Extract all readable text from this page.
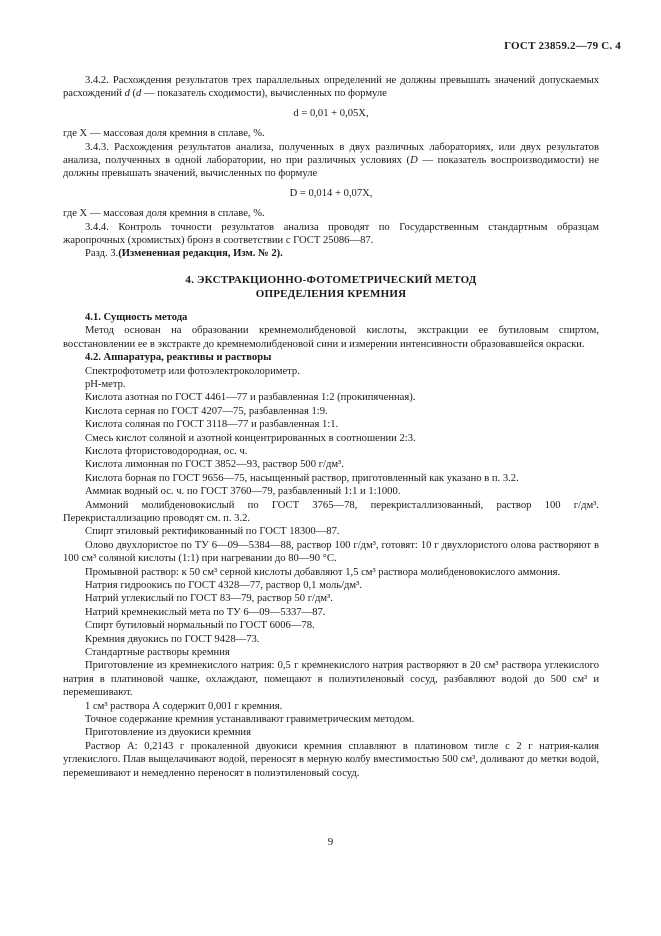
ГОСТ 23859.2—79 С. 4

3.4.2. Расхождения результатов трех параллельных определений не должны превышать значений допускаемых расхождений d (d — показатель сходимости), вычисленных по формуле

d = 0,01 + 0,05X,

где X — массовая доля кремния в сплаве, %.

3.4.3. Расхождения результатов анализа, полученных в двух различных лабораториях, или двух результатов анализа, полученных в одной лаборатории, но при различных условиях (D — показатель воспроизводимости) не должны превышать значений, вычисленных по формуле

D = 0,014 + 0,07X,

где X — массовая доля кремния в сплаве, %.

3.4.4. Контроль точности результатов анализа проводят по Государственным стандартным образцам жаропрочных (хромистых) бронз в соответствии с ГОСТ 25086—87.

Разд. 3.(Измененная редакция, Изм. № 2).

4. ЭКСТРАКЦИОННО-ФОТОМЕТРИЧЕСКИЙ МЕТОД
ОПРЕДЕЛЕНИЯ КРЕМНИЯ

4.1. Сущность метода

Метод основан на образовании кремнемолибденовой кислоты, экстракции ее бутиловым спиртом, восстановлении ее в экстракте до кремнемолибденовой сини и измерении интенсивности образовавшейся окраски.

4.2. Аппаратура, реактивы и растворы

Спектрофотометр или фотоэлектроколориметр.

pH-метр.

Кислота азотная по ГОСТ 4461—77 и разбавленная 1:2 (прокипяченная).

Кислота серная по ГОСТ 4207—75, разбавленная 1:9.

Кислота соляная по ГОСТ 3118—77 и разбавленная 1:1.

Смесь кислот соляной и азотной концентрированных в соотношении 2:3.

Кислота фтористоводородная, ос. ч.

Кислота лимонная по ГОСТ 3852—93, раствор 500 г/дм³.

Кислота борная по ГОСТ 9656—75, насыщенный раствор, приготовленный как указано в п. 3.2.

Аммиак водный ос. ч. по ГОСТ 3760—79, разбавленный 1:1 и 1:1000.

Аммоний молибденовокислый по ГОСТ 3765—78, перекристаллизованный, раствор 100 г/дм³. Перекристаллизацию проводят см. п. 3.2.

Спирт этиловый ректификованный по ГОСТ 18300—87.

Олово двухлористое по ТУ 6—09—5384—88, раствор 100 г/дм³, готовят: 10 г двухлористого олова растворяют в 100 см³ соляной кислоты (1:1) при нагревании до 80—90 °С.

Промывной раствор: к 50 см³ серной кислоты добавляют 1,5 см³ раствора молибденовокислого аммония.

Натрия гидроокись по ГОСТ 4328—77, раствор 0,1 моль/дм³.

Натрий углекислый по ГОСТ 83—79, раствор 50 г/дм³.

Натрий кремнекислый мета по ТУ 6—09—5337—87.

Спирт бутиловый нормальный по ГОСТ 6006—78.

Кремния двуокись по ГОСТ 9428—73.

Стандартные растворы кремния

Приготовление из кремнекислого натрия: 0,5 г кремнекислого натрия растворяют в 20 см³ раствора углекислого натрия в платиновой чашке, охлаждают, помещают в полиэтиленовый сосуд, разбавляют водой до 500 см³ и перемешивают.

1 см³ раствора А содержит 0,001 г кремния.

Точное содержание кремния устанавливают гравиметрическим методом.

Приготовление из двуокиси кремния

Раствор А: 0,2143 г прокаленной двуокиси кремния сплавляют в платиновом тигле с 2 г натрия-калия углекислого. Плав выщелачивают водой, переносят в мерную колбу вместимостью 500 см³, доливают до метки водой, перемешивают и немедленно переносят в полиэтиленовый сосуд.

9
